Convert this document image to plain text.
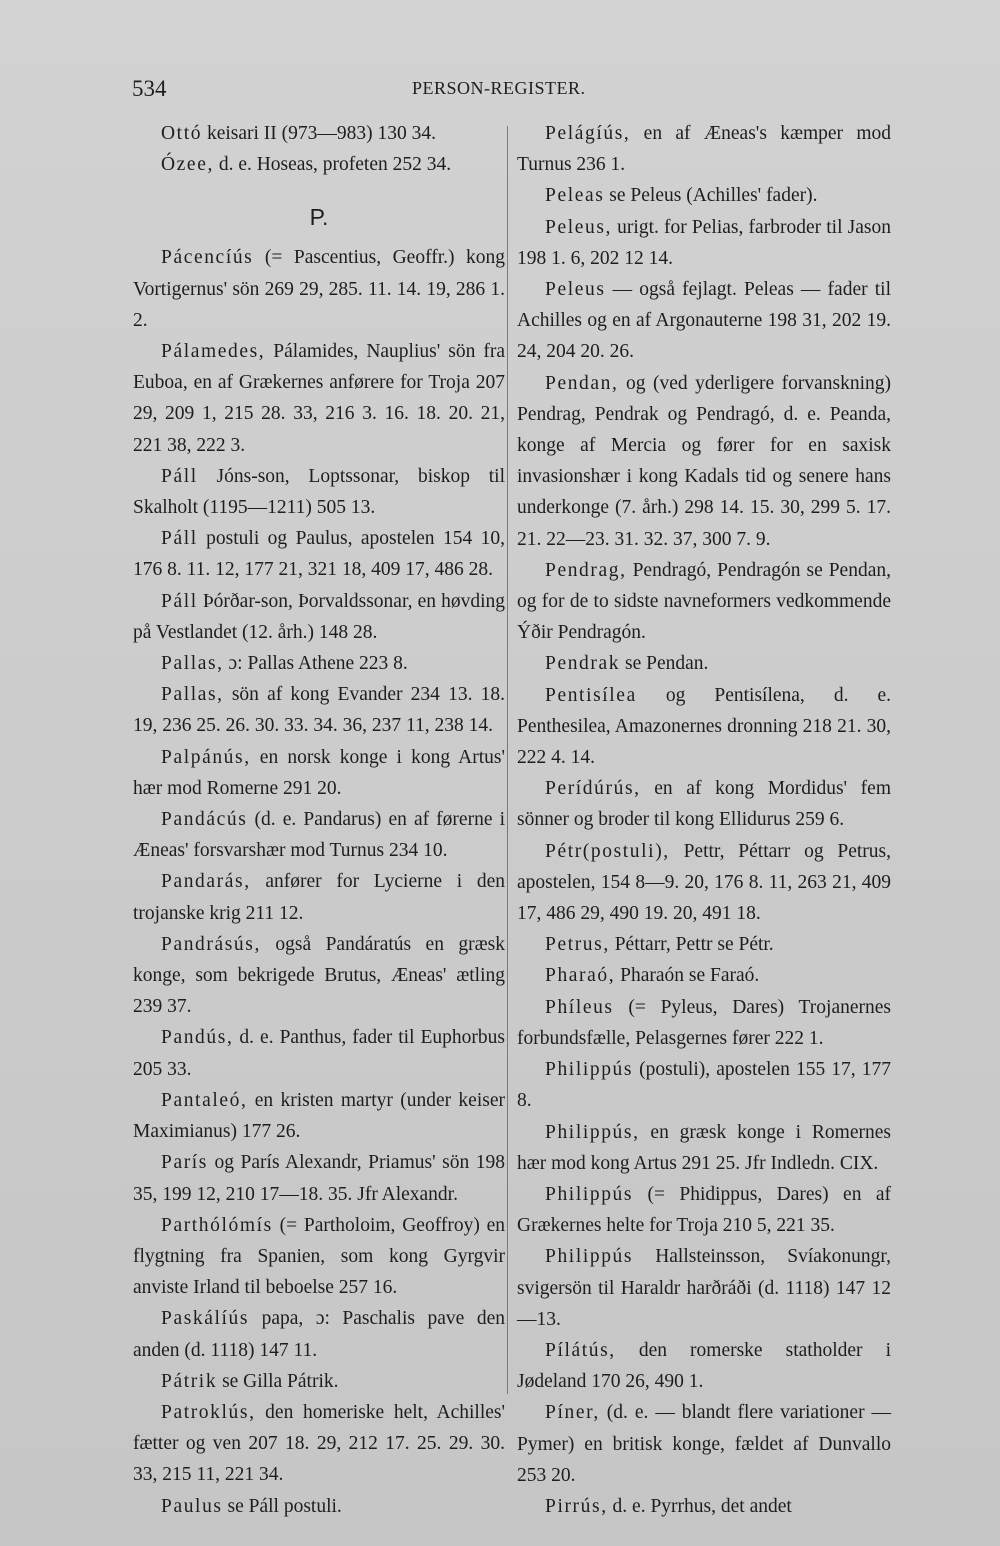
534	PERSON-REGISTER.

Ottó keisari II (973—983) 130 34.

Ózee, d. e. Hoseas, profeten 252 34.

P.

Pácencíús (= Pascentius, Geoffr.) kong Vortigernus' sön 269 29, 285. 11. 14. 19, 286 1. 2.

Pálamedes, Pálamides, Nauplius' sön fra Euboa, en af Grækernes anførere for Troja 207 29, 209 1, 215 28. 33, 216 3. 16. 18. 20. 21, 221 38, 222 3.

Páll Jóns-son, Loptssonar, biskop til Skalholt (1195—1211) 505 13.

Páll postuli og Paulus, apostelen 154 10, 176 8. 11. 12, 177 21, 321 18, 409 17, 486 28.

Páll Þórðar-son, Þorvaldssonar, en høvding på Vestlandet (12. årh.) 148 28.

Pallas, ɔ: Pallas Athene 223 8.

Pallas, sön af kong Evander 234 13. 18. 19, 236 25. 26. 30. 33. 34. 36, 237 11, 238 14.

Palpánús, en norsk konge i kong Artus' hær mod Romerne 291 20.

Pandácús (d. e. Pandarus) en af førerne i Æneas' forsvarshær mod Turnus 234 10.

Pandarás, anfører for Lycierne i den trojanske krig 211 12.

Pandrásús, også Pandáratús en græsk konge, som bekrigede Brutus, Æneas' ætling 239 37.

Pandús, d. e. Panthus, fader til Euphorbus 205 33.

Pantaleó, en kristen martyr (under keiser Maximianus) 177 26.

París og París Alexandr, Priamus' sön 198 35, 199 12, 210 17—18. 35. Jfr Alexandr.

Parthólómís (= Partholoim, Geoffroy) en flygtning fra Spanien, som kong Gyrgvir anviste Irland til beboelse 257 16.

Paskálíús papa, ɔ: Paschalis pave den anden (d. 1118) 147 11.

Pátrik se Gilla Pátrik.

Patroklús, den homeriske helt, Achilles' fætter og ven 207 18. 29, 212 17. 25. 29. 30. 33, 215 11, 221 34.

Paulus se Páll postuli.

Pelágíús, en af Æneas's kæmper mod Turnus 236 1.

Peleas se Peleus (Achilles' fader).

Peleus, urigt. for Pelias, farbroder til Jason 198 1. 6, 202 12 14.

Peleus — også fejlagt. Peleas — fader til Achilles og en af Argonauterne 198 31, 202 19. 24, 204 20. 26.

Pendan, og (ved yderligere forvanskning) Pendrag, Pendrak og Pendragó, d. e. Peanda, konge af Mercia og fører for en saxisk invasionshær i kong Kadals tid og senere hans underkonge (7. årh.) 298 14. 15. 30, 299 5. 17. 21. 22—23. 31. 32. 37, 300 7. 9.

Pendrag, Pendragó, Pendragón se Pendan, og for de to sidste navneformers vedkommende Ýðir Pendragón.

Pendrak se Pendan.

Pentisílea og Pentisílena, d. e. Penthesilea, Amazonernes dronning 218 21. 30, 222 4. 14.

Perídúrús, en af kong Mordidus' fem sönner og broder til kong Ellidurus 259 6.

Pétr(postuli), Pettr, Péttarr og Petrus, apostelen, 154 8—9. 20, 176 8. 11, 263 21, 409 17, 486 29, 490 19. 20, 491 18.

Petrus, Péttarr, Pettr se Pétr.

Pharaó, Pharaón se Faraó.

Phíleus (= Pyleus, Dares) Trojanernes forbundsfælle, Pelasgernes fører 222 1.

Philippús (postuli), apostelen 155 17, 177 8.

Philippús, en græsk konge i Romernes hær mod kong Artus 291 25. Jfr Indledn. CIX.

Philippús (= Phidippus, Dares) en af Grækernes helte for Troja 210 5, 221 35.

Philippús Hallsteinsson, Svíakonungr, svigersön til Haraldr harðráði (d. 1118) 147 12—13.

Pílátús, den romerske statholder i Jødeland 170 26, 490 1.

Píner, (d. e. — blandt flere variationer — Pymer) en britisk konge, fældet af Dunvallo 253 20.

Pirrús, d. e. Pyrrhus, det andet
